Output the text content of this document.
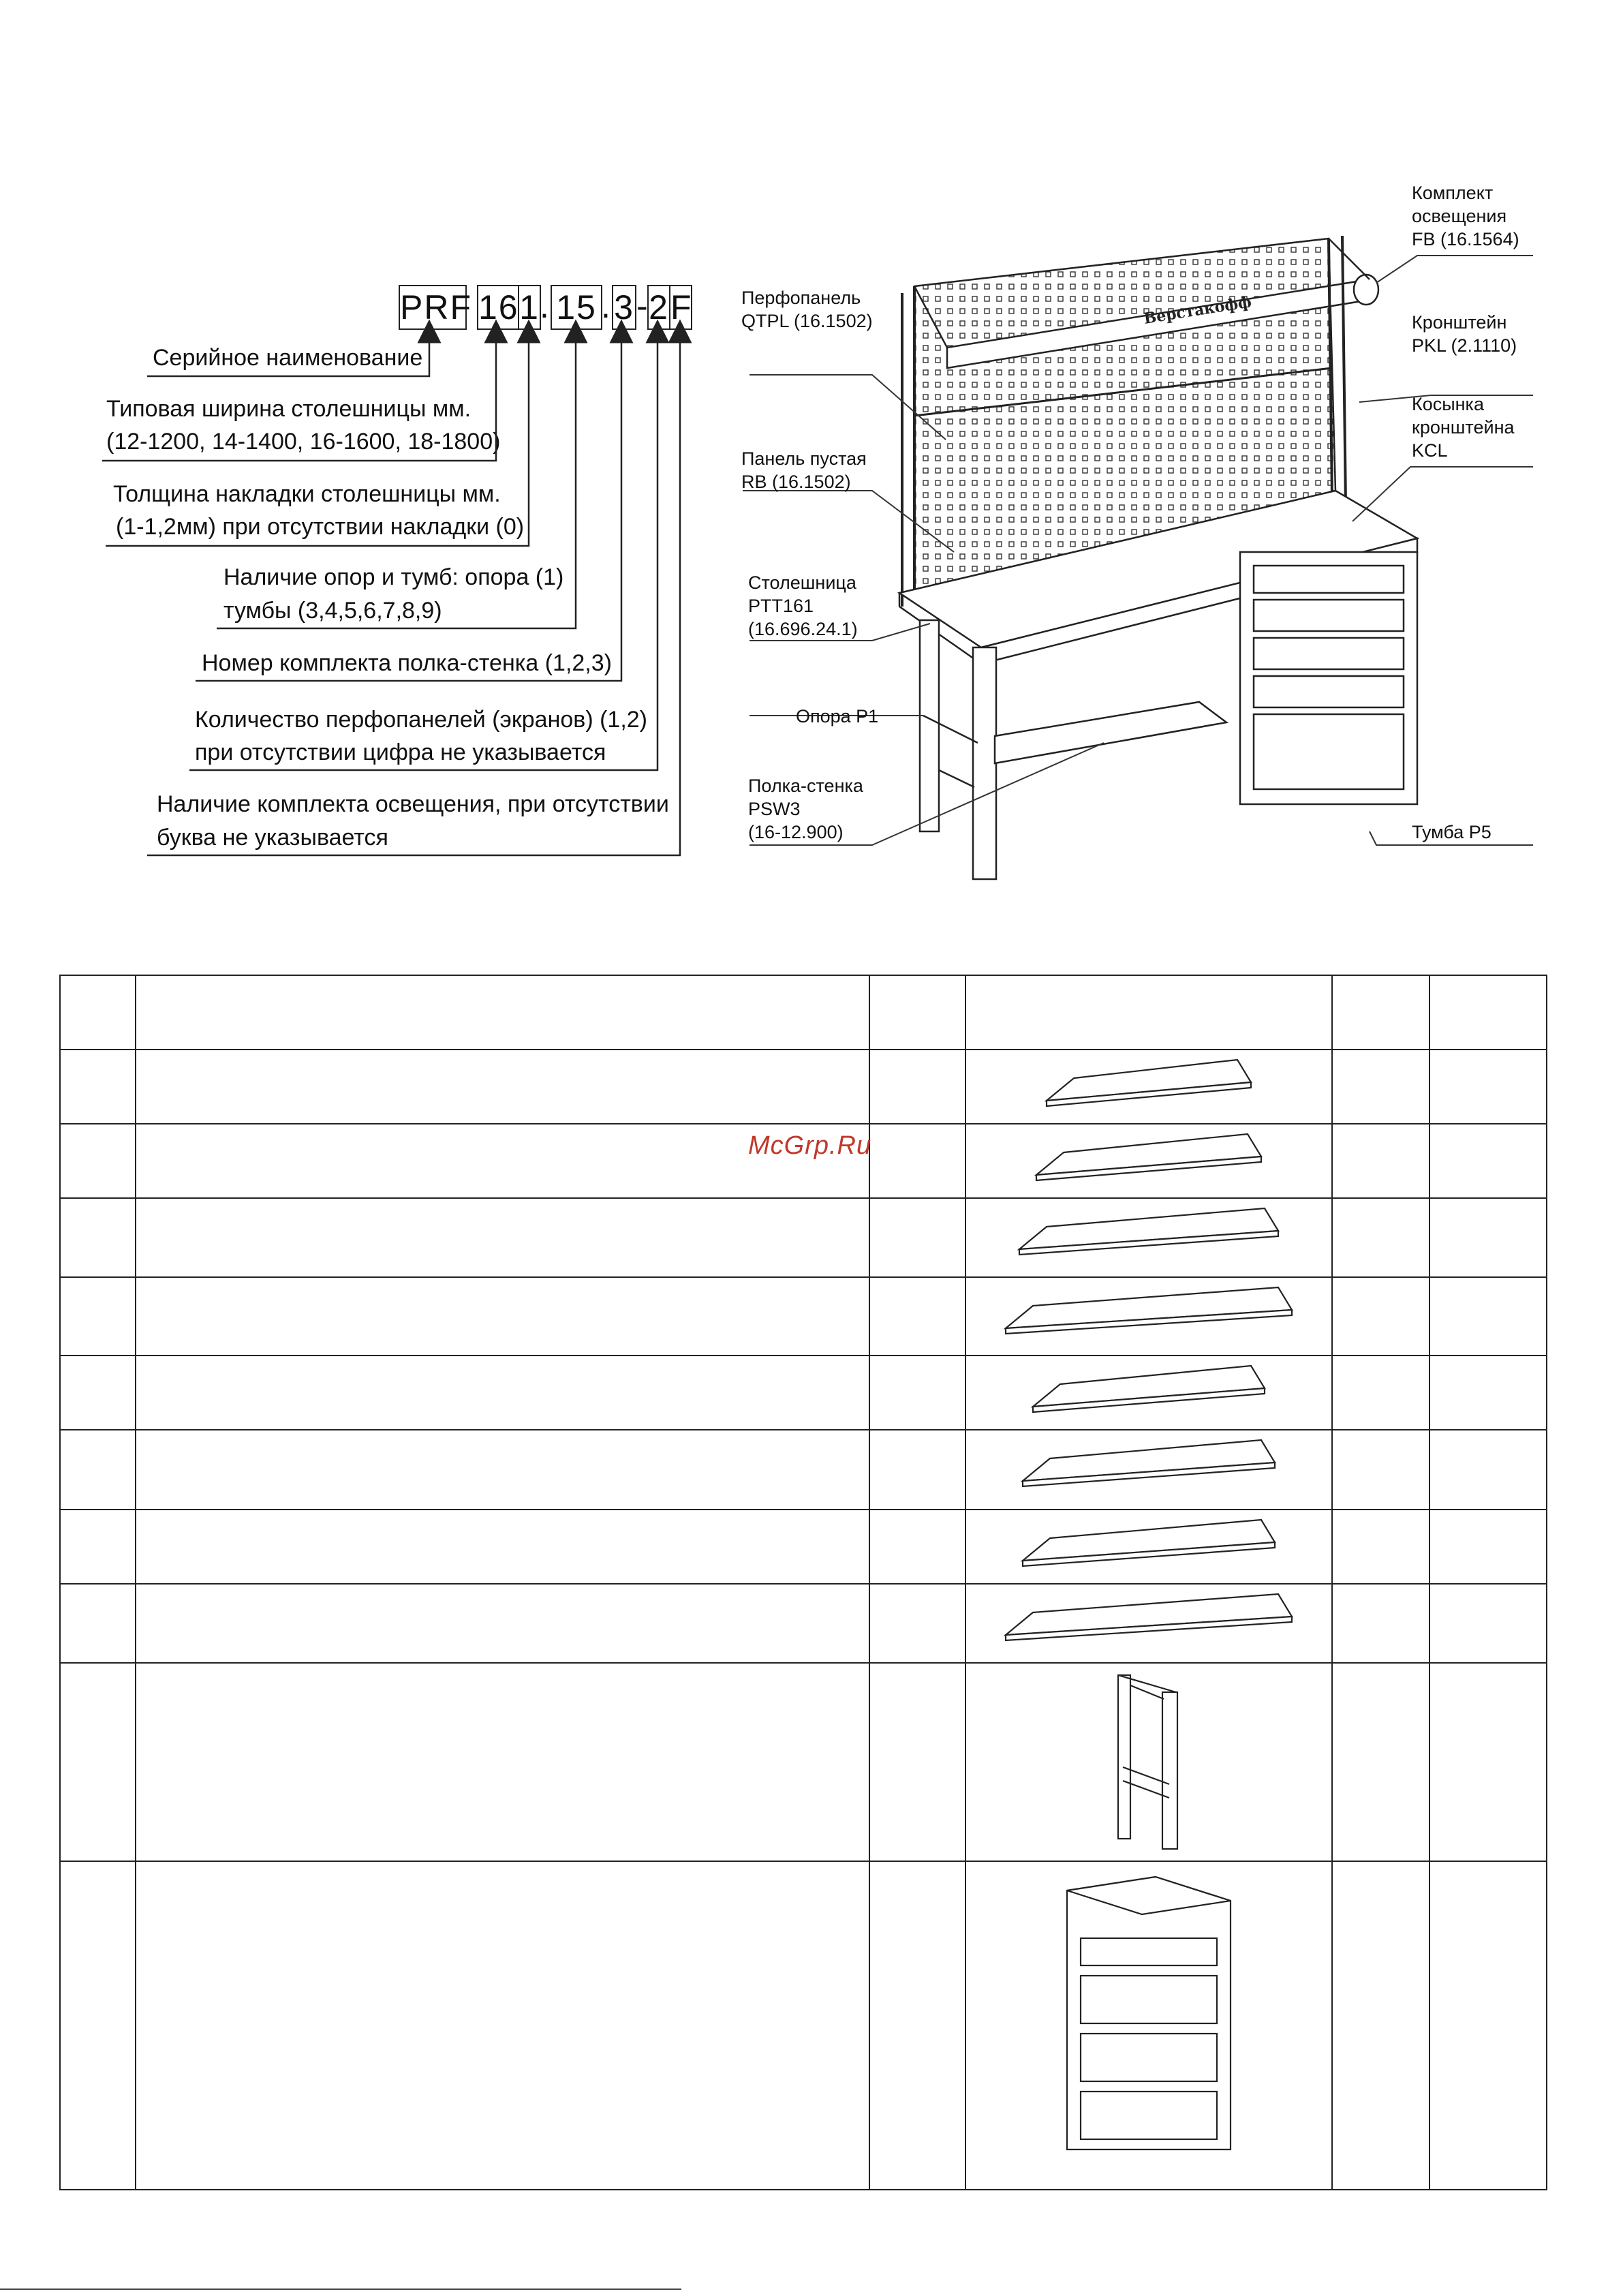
PRF 16 1 . 15 . 3 - 2 F
Серийное наименование
Типовая ширина столешницы мм.
(12-1200, 14-1400, 16-1600, 18-1800)
Толщина накладки столешницы мм.
(1-1,2мм) при отсутствии накладки (0)
Наличие опор и тумб: опора (1)
тумбы (3,4,5,6,7,8,9)
Номер комплекта полка-стенка (1,2,3)
Количество перфопанелей (экранов) (1,2)
при отсутствии цифра не указывается
Наличие комплекта освещения, при отсутствии
буква не указывается
Верстакофф
Перфопанель
QTPL (16.1502)
Панель пустая
RB (16.1502)
Столешница
PTT161
(16.696.24.1)
Опора P1
Полка-стенка
PSW3
(16-12.900)
Комплект
освещения
FB (16.1564)
Кронштейн
PKL (2.1110)
Косынка
кронштейна
KCL
Тумба P5

McGrp.Ru
